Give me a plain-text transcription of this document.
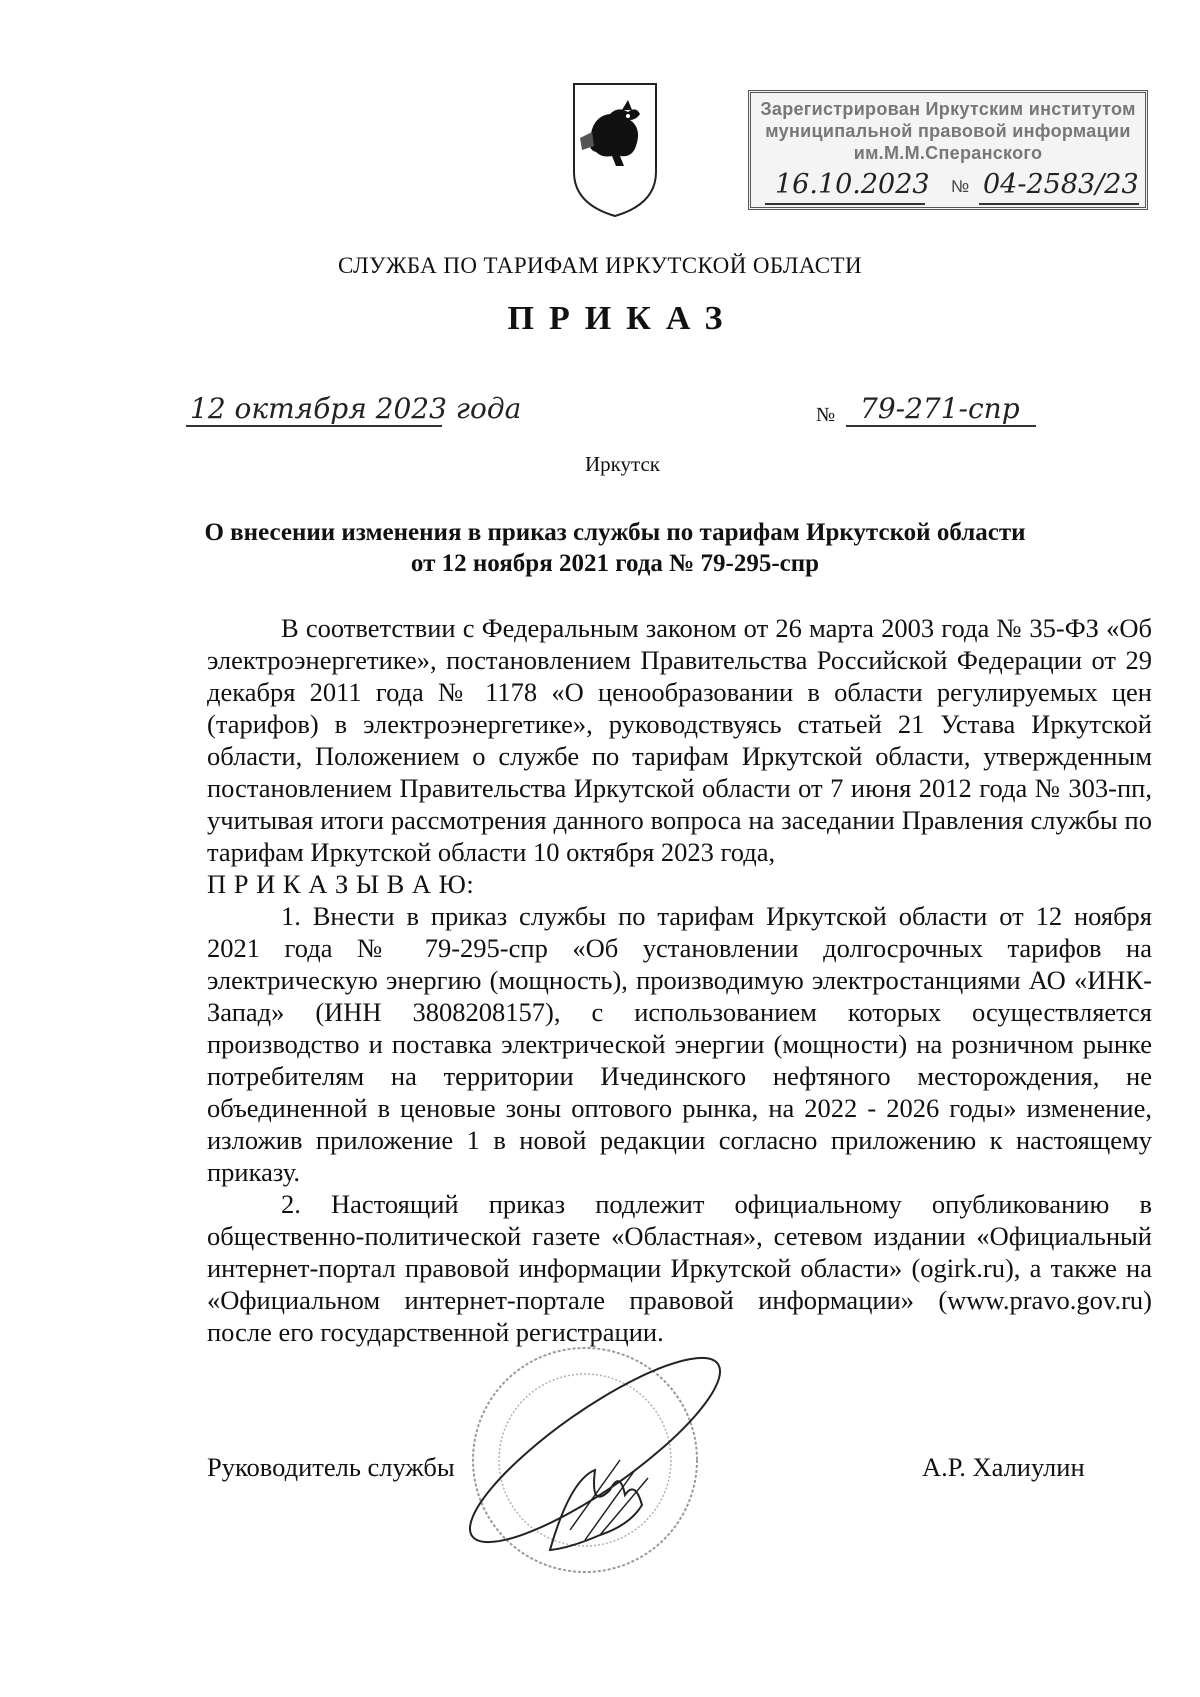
Зарегистрирован Иркутским институтом
муниципальной правовой информации
им.М.М.Сперанского
16.10.2023 № 04-2583/23
СЛУЖБА ПО ТАРИФАМ ИРКУТСКОЙ ОБЛАСТИ
ПРИКАЗ
12 октября 2023 года	№ 79-271-спр
Иркутск
О внесении изменения в приказ службы по тарифам Иркутской области
от 12 ноября 2021 года № 79-295-спр
В соответствии с Федеральным законом от 26 марта 2003 года № 35-ФЗ «Об электроэнергетике», постановлением Правительства Российской Федерации от 29 декабря 2011 года № 1178 «О ценообразовании в области регулируемых цен (тарифов) в электроэнергетике», руководствуясь статьей 21 Устава Иркутской области, Положением о службе по тарифам Иркутской области, утвержденным постановлением Правительства Иркутской области от 7 июня 2012 года № 303-пп, учитывая итоги рассмотрения данного вопроса на заседании Правления службы по тарифам Иркутской области 10 октября 2023 года,
П Р И К А З Ы В А Ю:
1. Внести в приказ службы по тарифам Иркутской области от 12 ноября 2021 года № 79-295-спр «Об установлении долгосрочных тарифов на электрическую энергию (мощность), производимую электростанциями АО «ИНК-Запад» (ИНН 3808208157), с использованием которых осуществляется производство и поставка электрической энергии (мощности) на розничном рынке потребителям на территории Ичединского нефтяного месторождения, не объединенной в ценовые зоны оптового рынка, на 2022 - 2026 годы» изменение, изложив приложение 1 в новой редакции согласно приложению к настоящему приказу.
2. Настоящий приказ подлежит официальному опубликованию в общественно-политической газете «Областная», сетевом издании «Официальный интернет-портал правовой информации Иркутской области» (ogirk.ru), а также на «Официальном интернет-портале правовой информации» (www.pravo.gov.ru) после его государственной регистрации.
Руководитель службы	А.Р. Халиулин
